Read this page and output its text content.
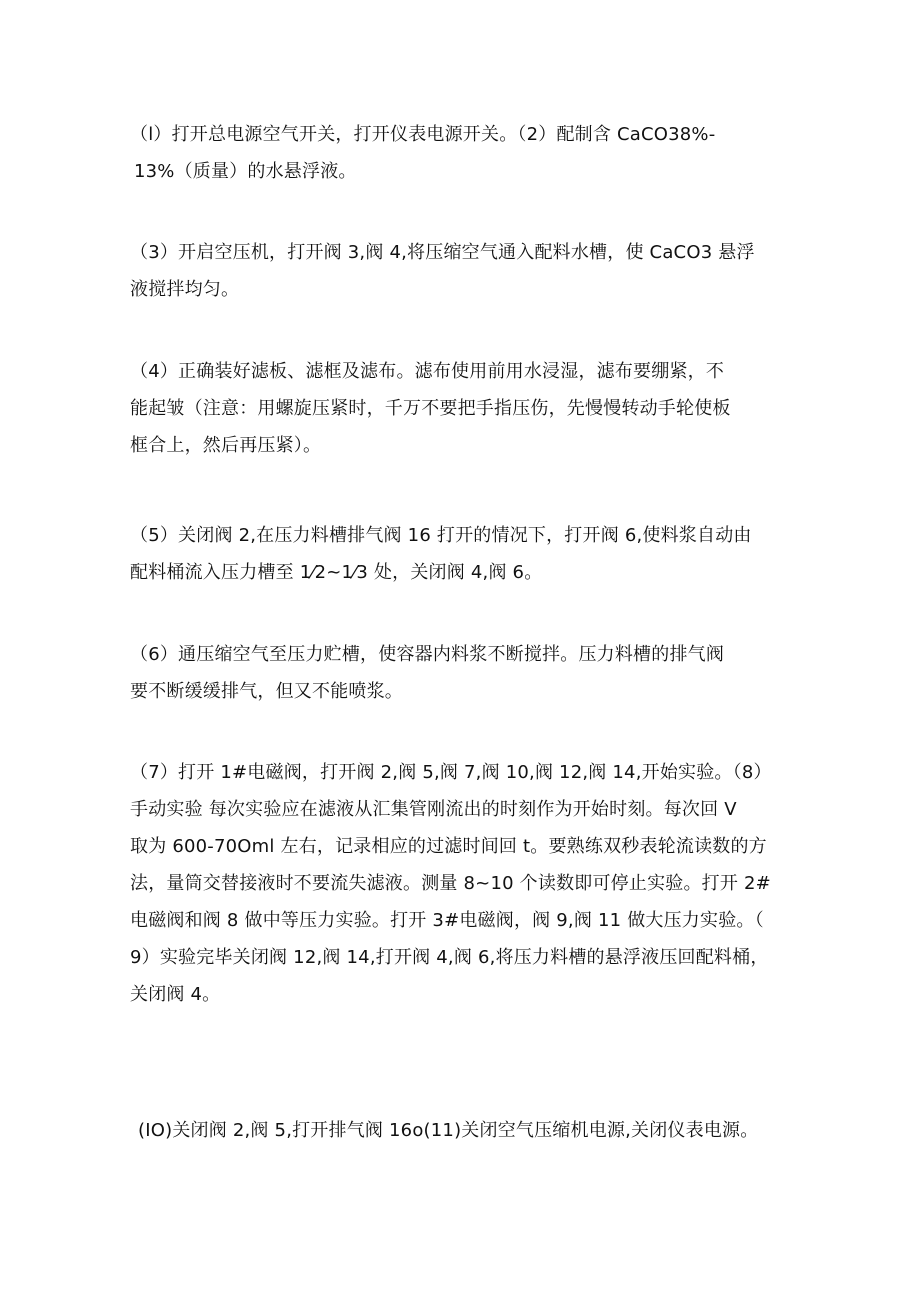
（l）打开总电源空气开关，打开仪表电源开关。（2）配制含 CaCO38%-
13%（质量）的水悬浮液。

（3）开启空压机，打开阀 3,阀 4,将压缩空气通入配料水槽，使 CaCO3 悬浮
液搅拌均匀。

（4）正确装好滤板、滤框及滤布。滤布使用前用水浸湿，滤布要绷紧，不
能起皱（注意：用螺旋压紧时，千万不要把手指压伤，先慢慢转动手轮使板
框合上，然后再压紧）。

（5）关闭阀 2,在压力料槽排气阀 16 打开的情况下，打开阀 6,使料浆自动由
配料桶流入压力槽至 1⁄2~1⁄3 处，关闭阀 4,阀 6。

（6）通压缩空气至压力贮槽，使容器内料浆不断搅拌。压力料槽的排气阀
要不断缓缓排气，但又不能喷浆。

（7）打开 1#电磁阀，打开阀 2,阀 5,阀 7,阀 10,阀 12,阀 14,开始实验。（8）
手动实验 每次实验应在滤液从汇集管刚流出的时刻作为开始时刻。每次回 V
取为 600-70Oml 左右，记录相应的过滤时间回 t。要熟练双秒表轮流读数的方
法，量筒交替接液时不要流失滤液。测量 8~10 个读数即可停止实验。打开 2#
电磁阀和阀 8 做中等压力实验。打开 3#电磁阀，阀 9,阀 11 做大压力实验。（
9）实验完毕关闭阀 12,阀 14,打开阀 4,阀 6,将压力料槽的悬浮液压回配料桶，
关闭阀 4。

(IO)关闭阀 2,阀 5,打开排气阀 16o(11)关闭空气压缩机电源,关闭仪表电源。
